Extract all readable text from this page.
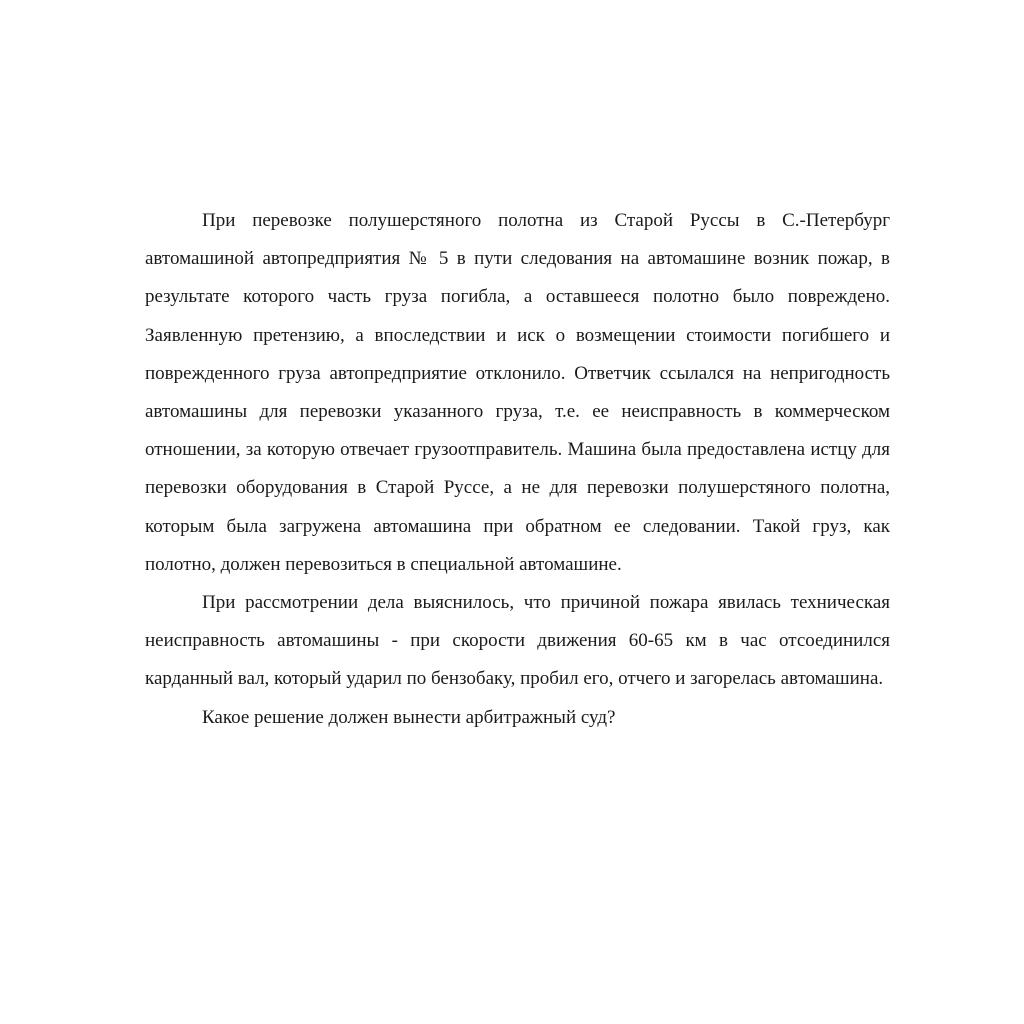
При перевозке полушерстяного полотна из Старой Руссы в С.-Петербург автомашиной автопредприятия № 5 в пути следования на автомашине возник пожар, в результате которого часть груза погибла, а оставшееся полотно было повреждено. Заявленную претензию, а впоследствии и иск о возмещении стоимости погибшего и поврежденного груза автопредприятие отклонило. Ответчик ссылался на непригодность автомашины для перевозки указанного груза, т.е. ее неисправность в коммерческом отношении, за которую отвечает грузоотправитель. Машина была предоставлена истцу для перевозки оборудования в Старой Руссе, а не для перевозки полушерстяного полотна, которым была загружена автомашина при обратном ее следовании. Такой груз, как полотно, должен перевозиться в специальной автомашине.

При рассмотрении дела выяснилось, что причиной пожара явилась техническая неисправность автомашины - при скорости движения 60-65 км в час отсоединился карданный вал, который ударил по бензобаку, пробил его, отчего и загорелась автомашина.

Какое решение должен вынести арбитражный суд?
